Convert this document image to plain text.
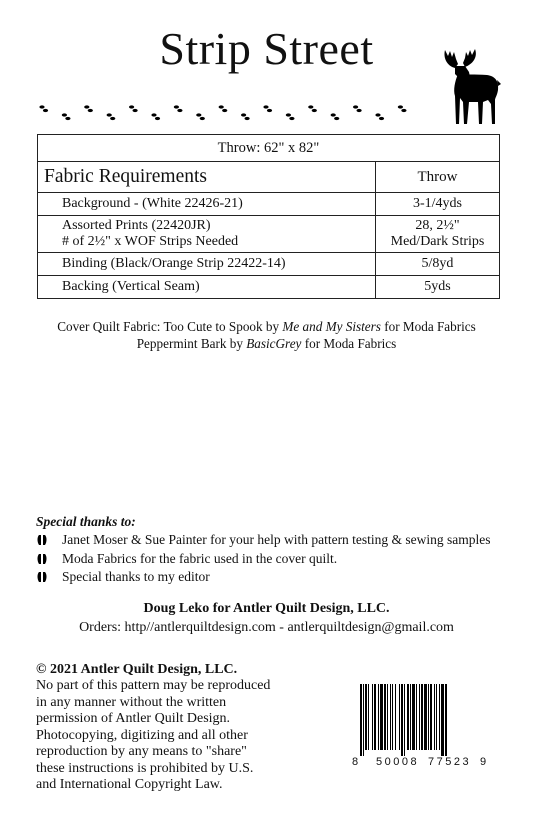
Strip Street
Throw: 62" x 82"	
Fabric Requirements	Throw
Background - (White 22426-21)	3-1/4yds
Assorted Prints (22420JR)
# of 2½" x WOF Strips Needed	28, 2½"
Med/Dark Strips
Binding (Black/Orange Strip 22422-14)	5/8yd
Backing (Vertical Seam)	5yds
Cover Quilt Fabric: Too Cute to Spook by Me and My Sisters for Moda Fabrics
Peppermint Bark by BasicGrey for Moda Fabrics
Special thanks to:
Janet Moser & Sue Painter for your help with pattern testing & sewing samples
Moda Fabrics for the fabric used in the cover quilt.
Special thanks to my editor
Doug Leko for Antler Quilt Design, LLC.
Orders: http//antlerquiltdesign.com - antlerquiltdesign@gmail.com
© 2021 Antler Quilt Design, LLC.
No part of this pattern may be reproduced
in any manner without the written
permission of Antler Quilt Design.
Photocopying, digitizing and all other
reproduction by any means to "share"
these instructions is prohibited by U.S.
and International Copyright Law.
8 50008 77523 9
